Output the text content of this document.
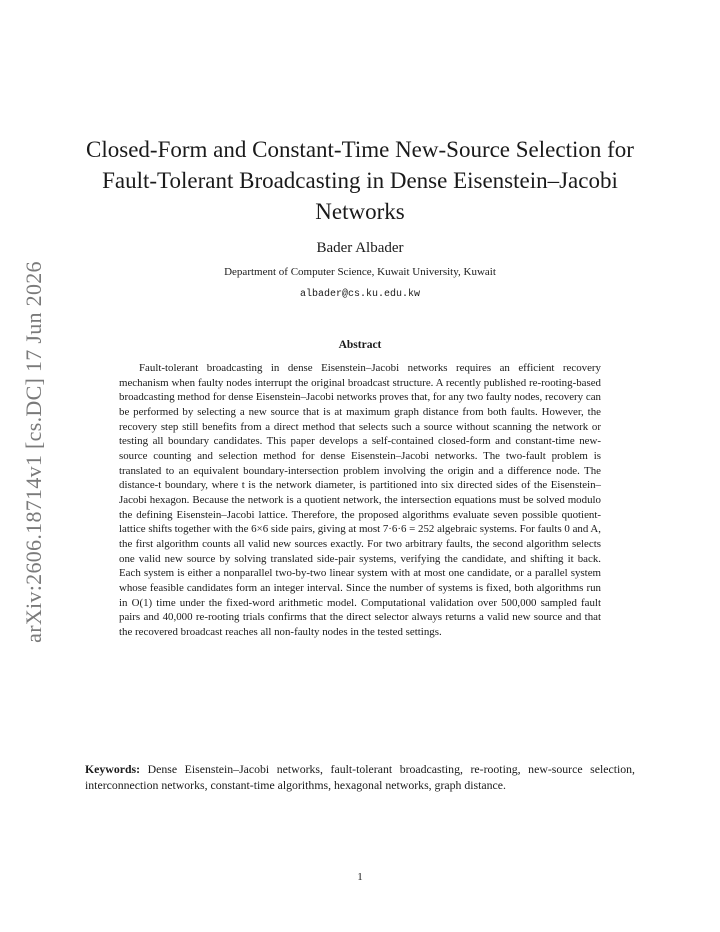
arXiv:2606.18714v1 [cs.DC] 17 Jun 2026
Closed-Form and Constant-Time New-Source Selection for Fault-Tolerant Broadcasting in Dense Eisenstein–Jacobi Networks

Bader Albader

Department of Computer Science, Kuwait University, Kuwait

albader@cs.ku.edu.kw

Abstract

Fault-tolerant broadcasting in dense Eisenstein–Jacobi networks requires an efficient recovery mechanism when faulty nodes interrupt the original broadcast structure. A recently published re-rooting-based broadcasting method for dense Eisenstein–Jacobi networks proves that, for any two faulty nodes, recovery can be performed by selecting a new source that is at maximum graph distance from both faults. However, the recovery step still benefits from a direct method that selects such a source without scanning the network or testing all boundary candidates. This paper develops a self-contained closed-form and constant-time new-source counting and selection method for dense Eisenstein–Jacobi networks. The two-fault problem is translated to an equivalent boundary-intersection problem involving the origin and a difference node. The distance-t boundary, where t is the network diameter, is partitioned into six directed sides of the Eisenstein–Jacobi hexagon. Because the network is a quotient network, the intersection equations must be solved modulo the defining Eisenstein–Jacobi lattice. Therefore, the proposed algorithms evaluate seven possible quotient-lattice shifts together with the 6×6 side pairs, giving at most 7·6·6 = 252 algebraic systems. For faults 0 and A, the first algorithm counts all valid new sources exactly. For two arbitrary faults, the second algorithm selects one valid new source by solving translated side-pair systems, verifying the candidate, and shifting it back. Each system is either a nonparallel two-by-two linear system with at most one candidate, or a parallel system whose feasible candidates form an integer interval. Since the number of systems is fixed, both algorithms run in O(1) time under the fixed-word arithmetic model. Computational validation over 500,000 sampled fault pairs and 40,000 re-rooting trials confirms that the direct selector always returns a valid new source and that the recovered broadcast reaches all non-faulty nodes in the tested settings.

Keywords: Dense Eisenstein–Jacobi networks, fault-tolerant broadcasting, re-rooting, new-source selection, interconnection networks, constant-time algorithms, hexagonal networks, graph distance.

1
